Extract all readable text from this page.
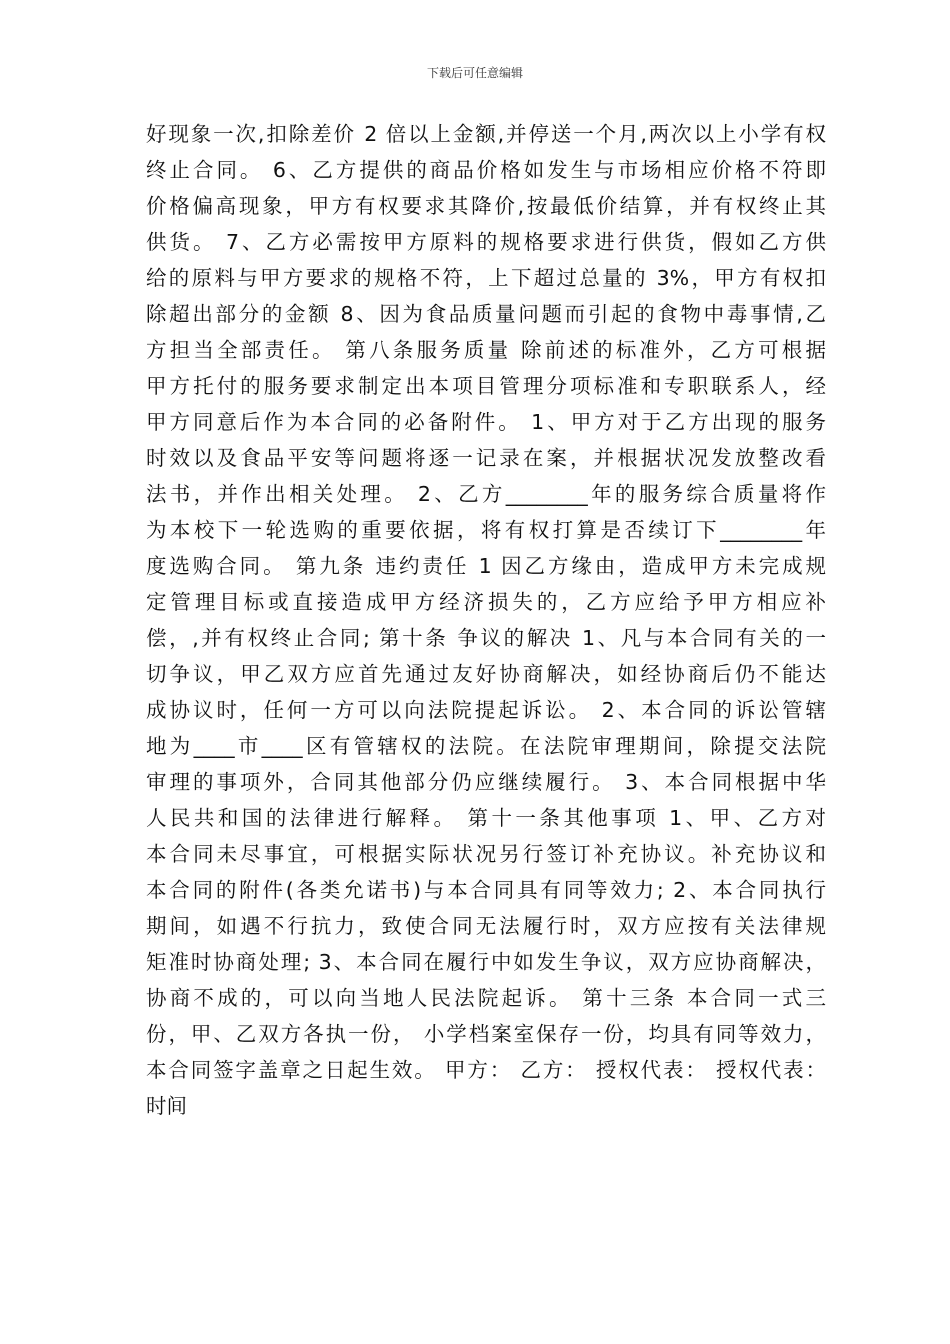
下载后可任意编辑
好现象一次,扣除差价 2 倍以上金额,并停送一个月,两次以上小学有权
终止合同。 6、乙方提供的商品价格如发生与市场相应价格不符即
价格偏高现象，甲方有权要求其降价,按最低价结算，并有权终止其
供货。 7、乙方必需按甲方原料的规格要求进行供货，假如乙方供
给的原料与甲方要求的规格不符，上下超过总量的 3%，甲方有权扣
除超出部分的金额 8、因为食品质量问题而引起的食物中毒事情,乙
方担当全部责任。 第八条服务质量 除前述的标准外，乙方可根据
甲方托付的服务要求制定出本项目管理分项标准和专职联系人，经
甲方同意后作为本合同的必备附件。 1、甲方对于乙方出现的服务
时效以及食品平安等问题将逐一记录在案，并根据状况发放整改看
法书，并作出相关处理。 2、乙方________年的服务综合质量将作
为本校下一轮选购的重要依据，将有权打算是否续订下________年
度选购合同。 第九条 违约责任 1 因乙方缘由，造成甲方未完成规
定管理目标或直接造成甲方经济损失的，乙方应给予甲方相应补
偿，,并有权终止合同; 第十条 争议的解决 1、凡与本合同有关的一
切争议，甲乙双方应首先通过友好协商解决，如经协商后仍不能达
成协议时，任何一方可以向法院提起诉讼。 2、本合同的诉讼管辖
地为____市____区有管辖权的法院。在法院审理期间，除提交法院
审理的事项外，合同其他部分仍应继续履行。 3、本合同根据中华
人民共和国的法律进行解释。 第十一条其他事项 1、甲、乙方对
本合同未尽事宜，可根据实际状况另行签订补充协议。补充协议和
本合同的附件(各类允诺书)与本合同具有同等效力; 2、本合同执行
期间，如遇不行抗力，致使合同无法履行时，双方应按有关法律规
矩准时协商处理; 3、本合同在履行中如发生争议，双方应协商解决，
协商不成的，可以向当地人民法院起诉。 第十三条 本合同一式三
份，甲、乙双方各执一份， 小学档案室保存一份，均具有同等效力，
本合同签字盖章之日起生效。 甲方： 乙方： 授权代表： 授权代表：
时间
